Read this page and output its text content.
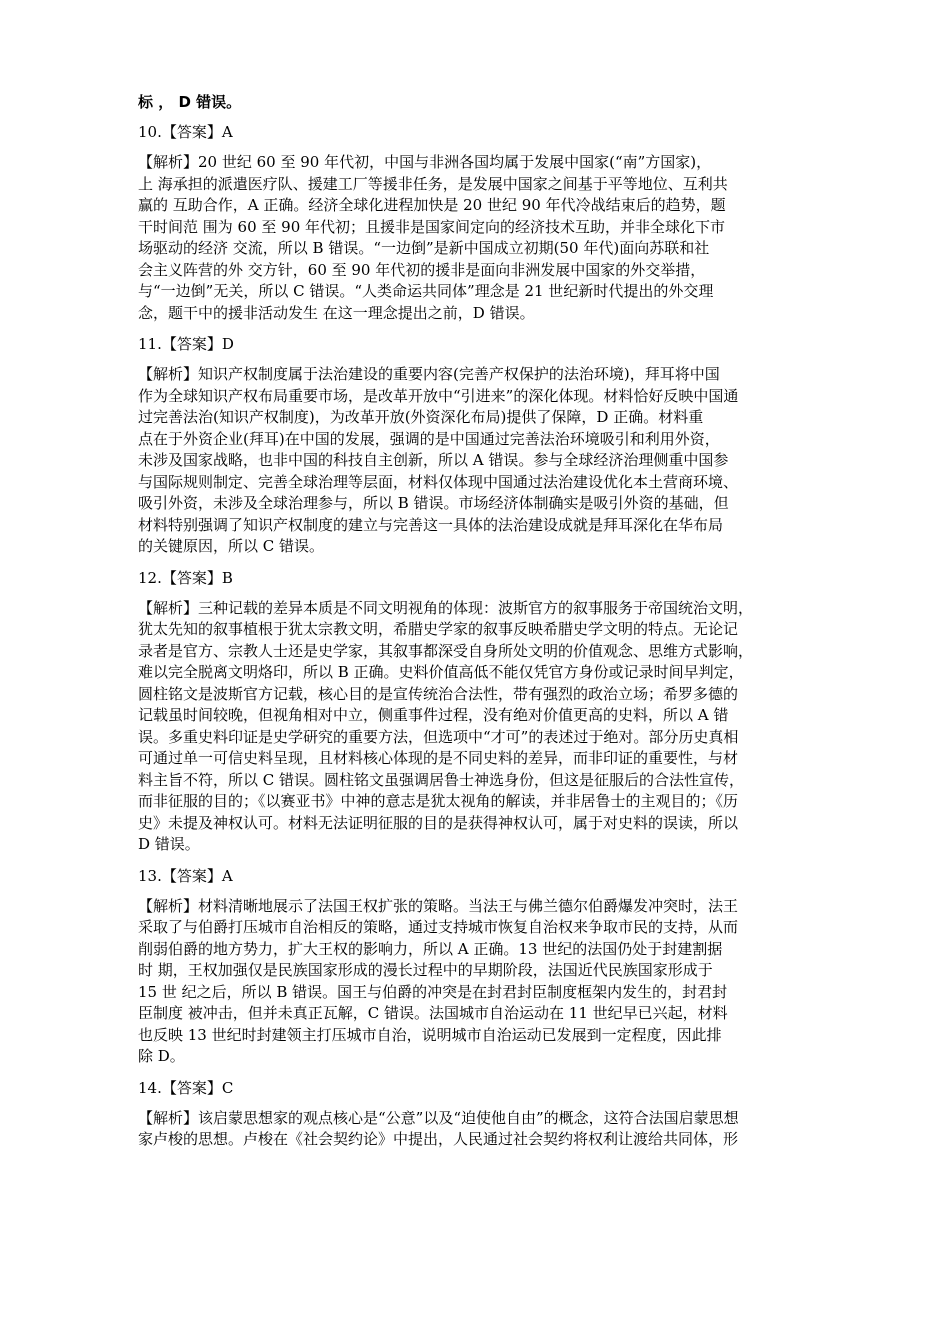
标 ， D 错误。

10.【答案】A

【解析】20 世纪 60 至 90 年代初，中国与非洲各国均属于发展中国家(“南”方国家)，
上 海承担的派遣医疗队、援建工厂等援非任务，是发展中国家之间基于平等地位、互利共
赢的 互助合作，A 正确。经济全球化进程加快是 20 世纪 90 年代冷战结束后的趋势，题
干时间范 围为 60 至 90 年代初；且援非是国家间定向的经济技术互助，并非全球化下市
场驱动的经济 交流，所以 B 错误。“一边倒”是新中国成立初期(50 年代)面向苏联和社
会主义阵营的外 交方针，60 至 90 年代初的援非是面向非洲发展中国家的外交举措，
与“一边倒”无关，所以 C 错误。“人类命运共同体”理念是 21 世纪新时代提出的外交理
念，题干中的援非活动发生 在这一理念提出之前，D 错误。

11.【答案】D

【解析】知识产权制度属于法治建设的重要内容(完善产权保护的法治环境)，拜耳将中国
作为全球知识产权布局重要市场，是改革开放中“引进来”的深化体现。材料恰好反映中国通
过完善法治(知识产权制度)，为改革开放(外资深化布局)提供了保障，D 正确。材料重
点在于外资企业(拜耳)在中国的发展，强调的是中国通过完善法治环境吸引和利用外资，
未涉及国家战略，也非中国的科技自主创新，所以 A 错误。参与全球经济治理侧重中国参
与国际规则制定、完善全球治理等层面，材料仅体现中国通过法治建设优化本土营商环境、
吸引外资，未涉及全球治理参与，所以 B 错误。市场经济体制确实是吸引外资的基础，但
材料特别强调了知识产权制度的建立与完善这一具体的法治建设成就是拜耳深化在华布局
的关键原因，所以 C 错误。

12.【答案】B

【解析】三种记载的差异本质是不同文明视角的体现：波斯官方的叙事服务于帝国统治文明，
犹太先知的叙事植根于犹太宗教文明，希腊史学家的叙事反映希腊史学文明的特点。无论记
录者是官方、宗教人士还是史学家，其叙事都深受自身所处文明的价值观念、思维方式影响，
难以完全脱离文明烙印，所以 B 正确。史料价值高低不能仅凭官方身份或记录时间早判定，
圆柱铭文是波斯官方记载，核心目的是宣传统治合法性，带有强烈的政治立场；希罗多德的
记载虽时间较晚，但视角相对中立，侧重事件过程，没有绝对价值更高的史料，所以 A 错
误。多重史料印证是史学研究的重要方法，但选项中“才可”的表述过于绝对。部分历史真相
可通过单一可信史料呈现，且材料核心体现的是不同史料的差异，而非印证的重要性，与材
料主旨不符，所以 C 错误。圆柱铭文虽强调居鲁士神选身份，但这是征服后的合法性宣传，
而非征服的目的；《以赛亚书》中神的意志是犹太视角的解读，并非居鲁士的主观目的；《历
史》未提及神权认可。材料无法证明征服的目的是获得神权认可，属于对史料的误读，所以
D 错误。

13.【答案】A

【解析】材料清晰地展示了法国王权扩张的策略。当法王与佛兰德尔伯爵爆发冲突时，法王
采取了与伯爵打压城市自治相反的策略，通过支持城市恢复自治权来争取市民的支持，从而
削弱伯爵的地方势力，扩大王权的影响力，所以 A 正确。13 世纪的法国仍处于封建割据
时 期，王权加强仅是民族国家形成的漫长过程中的早期阶段，法国近代民族国家形成于
15 世 纪之后，所以 B 错误。国王与伯爵的冲突是在封君封臣制度框架内发生的，封君封
臣制度 被冲击，但并未真正瓦解，C 错误。法国城市自治运动在 11 世纪早已兴起，材料
也反映 13 世纪时封建领主打压城市自治，说明城市自治运动已发展到一定程度，因此排
除 D。

14.【答案】C

【解析】该启蒙思想家的观点核心是“公意”以及“迫使他自由”的概念，这符合法国启蒙思想
家卢梭的思想。卢梭在《社会契约论》中提出，人民通过社会契约将权利让渡给共同体，形
